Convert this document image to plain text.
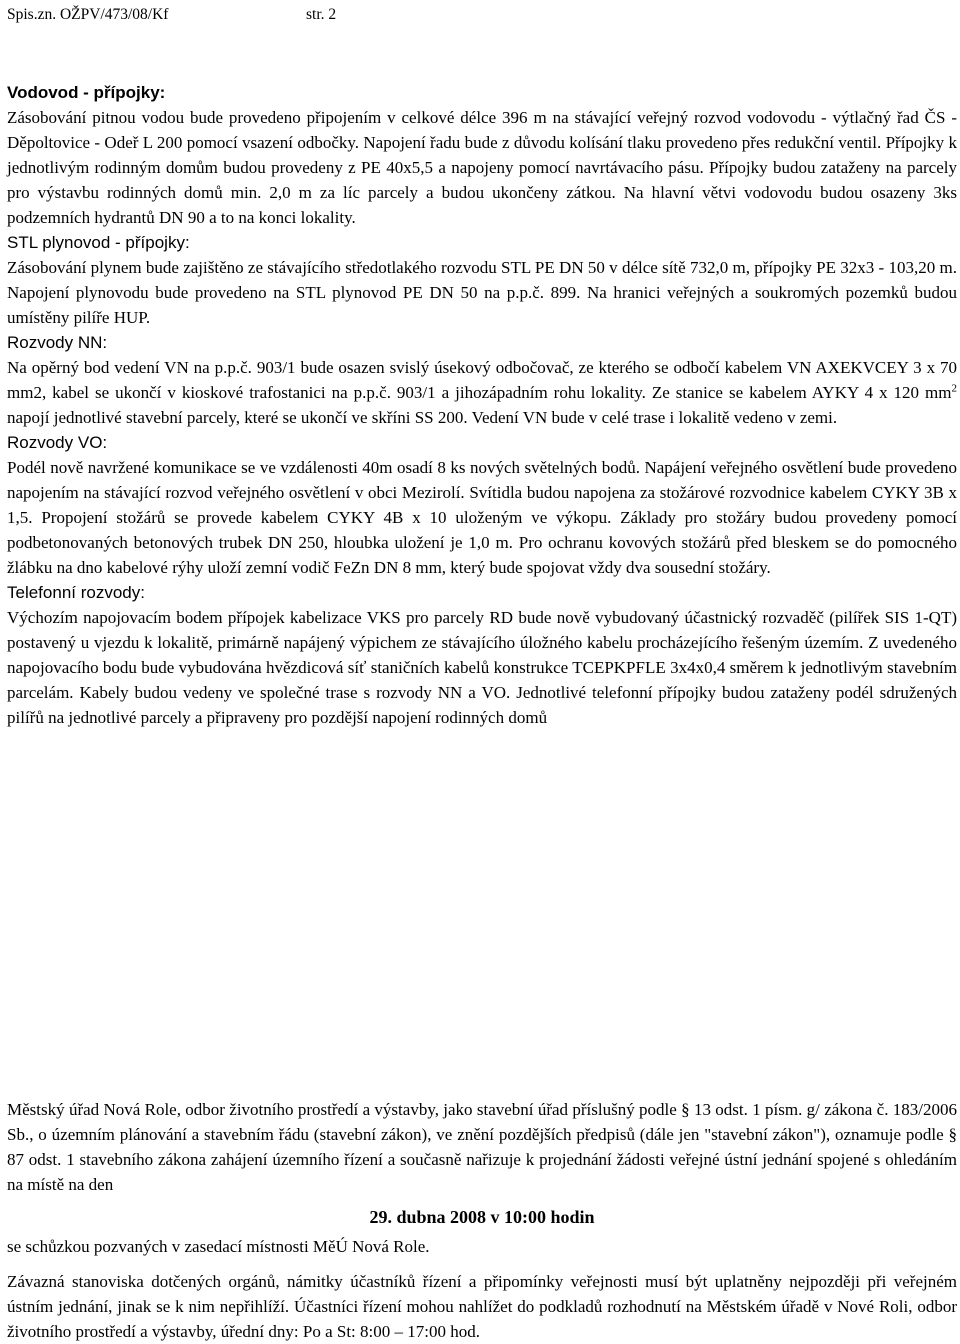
Spis.zn. OŽPV/473/08/Kf	str. 2

Vodovod - přípojky:

Zásobování pitnou vodou bude provedeno připojením v celkové délce 396 m na stávající veřejný rozvod vodovodu - výtlačný řad ČS - Děpoltovice - Odeř L 200 pomocí vsazení odbočky. Napojení řadu bude z důvodu kolísání tlaku provedeno přes redukční ventil. Přípojky k jednotlivým rodinným domům budou provedeny z PE 40x5,5 a napojeny pomocí navrtávacího pásu. Přípojky budou zataženy na parcely pro výstavbu rodinných domů min. 2,0 m za líc parcely a budou ukončeny zátkou. Na hlavní větvi vodovodu budou osazeny 3ks podzemních hydrantů DN 90 a to na konci lokality.

STL plynovod - přípojky:

Zásobování plynem bude zajištěno ze stávajícího středotlakého rozvodu STL PE DN 50 v délce sítě 732,0 m, přípojky PE 32x3 - 103,20 m. Napojení plynovodu bude provedeno na STL plynovod PE DN 50 na p.p.č. 899. Na hranici veřejných a soukromých pozemků budou umístěny pilíře HUP.

Rozvody NN:

Na opěrný bod vedení VN na p.p.č. 903/1 bude osazen svislý úsekový odbočovač, ze kterého se odbočí kabelem VN AXEKVCEY 3 x 70 mm2, kabel se ukončí v kioskové trafostanici na p.p.č. 903/1 a jihozápadním rohu lokality. Ze stanice se kabelem AYKY 4 x 120 $mm^2$ napojí jednotlivé stavební parcely, které se ukončí ve skříni SS 200. Vedení VN bude v celé trase i lokalitě vedeno v zemi.

Rozvody VO:

Podél nově navržené komunikace se ve vzdálenosti 40m osadí 8 ks nových světelných bodů. Napájení veřejného osvětlení bude provedeno napojením na stávající rozvod veřejného osvětlení v obci Mezirolí. Svítidla budou napojena za stožárové rozvodnice kabelem CYKY 3B x 1,5. Propojení stožárů se provede kabelem CYKY 4B x 10 uloženým ve výkopu. Základy pro stožáry budou provedeny pomocí podbetonovaných betonových trubek DN 250, hloubka uložení je 1,0 m. Pro ochranu kovových stožárů před bleskem se do pomocného žlábku na dno kabelové rýhy uloží zemní vodič FeZn DN 8 mm, který bude spojovat vždy dva sousední stožáry.

Telefonní rozvody:

Výchozím napojovacím bodem přípojek kabelizace VKS pro parcely RD bude nově vybudovaný účastnický rozvaděč (pilířek SIS 1-QT) postavený u vjezdu k lokalitě, primárně napájený výpichem ze stávajícího úložného kabelu procházejícího řešeným územím. Z uvedeného napojovacího bodu bude vybudována hvězdicová síť staničních kabelů konstrukce TCEPKPFLE 3x4x0,4 směrem k jednotlivým stavebním parcelám. Kabely budou vedeny ve společné trase s rozvody NN a VO. Jednotlivé telefonní přípojky budou zataženy podél sdružených pilířů na jednotlivé parcely a připraveny pro pozdější napojení rodinných domů

Městský úřad Nová Role, odbor životního prostředí a výstavby, jako stavební úřad příslušný podle § 13 odst. 1 písm. g/ zákona č. 183/2006 Sb., o územním plánování a stavebním řádu (stavební zákon), ve znění pozdějších předpisů (dále jen "stavební zákon"), oznamuje podle § 87 odst. 1 stavebního zákona zahájení územního řízení a současně nařizuje k projednání žádosti veřejné ústní jednání spojené s ohledáním na místě na den

29. dubna 2008 v 10:00 hodin

se schůzkou pozvaných v zasedací místnosti MěÚ Nová Role.

Závazná stanoviska dotčených orgánů, námitky účastníků řízení a připomínky veřejnosti musí být uplatněny nejpozději při veřejném ústním jednání, jinak se k nim nepřihlíží. Účastníci řízení mohou nahlížet do podkladů rozhodnutí na Městském úřadě v Nové Roli, odbor životního prostředí a výstavby, úřední dny: Po a St: 8:00 – 17:00 hod.
